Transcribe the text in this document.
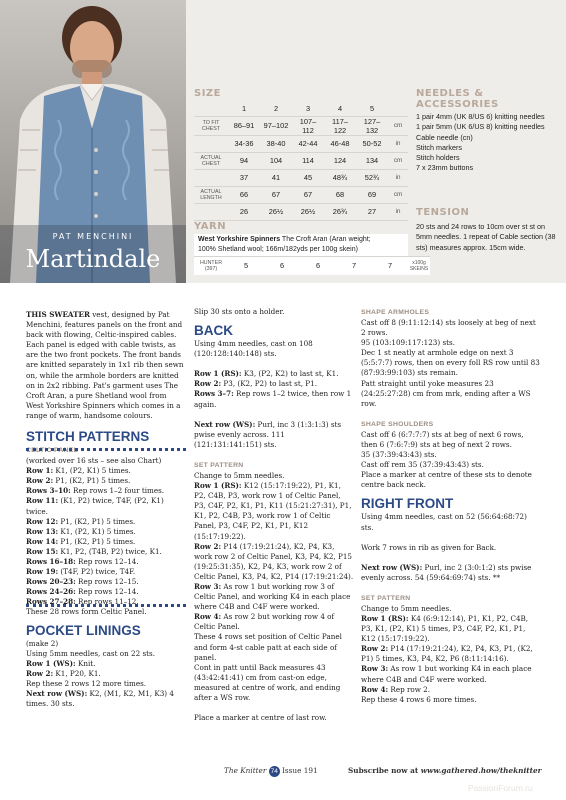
PAT MENCHINI
Martindale
SIZE
	1	2	3	4	5	
TO FIT CHEST	86–91	97–102	107–112	117–122	127–132	cm
	34-36	38-40	42-44	46-48	50-52	in
ACTUAL CHEST	94	104	114	124	134	cm
	37	41	45	48¾	52¾	in
ACTUAL LENGTH	66	67	67	68	69	cm
	26	26½	26½	26¾	27	in
YARN
West Yorkshire Spinners The Croft Aran (Aran weight;
100% Shetland wool; 166m/182yds per 100g skein)
HUNTER (397)	5	6	6	7	7	x100g SKEINS
NEEDLES & ACCESSORIES
1 pair 4mm (UK 8/US 6) knitting needles
1 pair 5mm (UK 6/US 8) knitting needles
Cable needle (cn)
Stitch markers
Stitch holders
7 x 23mm buttons
TENSION
20 sts and 24 rows to 10cm over st st on 5mm needles. 1 repeat of Cable section (38 sts) measures approx. 15cm wide.

THIS SWEATER vest, designed by Pat Menchini, features panels on the front and back with flowing, Celtic-inspired cables. Each panel is edged with cable twists, as are the two front pockets. The front bands are knitted separately in 1x1 rib then sewn on, while the armhole borders are knitted on in 2x2 ribbing. Pat's garment uses The Croft Aran, a pure Shetland wool from West Yorkshire Spinners which comes in a range of warm, handsome colours.

STITCH PATTERNS
CELTIC PANEL

(worked over 16 sts – see also Chart)

Row 1: K1, (P2, K1) 5 times.

Row 2: P1, (K2, P1) 5 times.

Rows 3–10: Rep rows 1–2 four times.

Row 11: (K1, P2) twice, T4F, (P2, K1) twice.

Row 12: P1, (K2, P1) 5 times.

Row 13: K1, (P2, K1) 5 times.

Row 14: P1, (K2, P1) 5 times.

Row 15: K1, P2, (T4B, P2) twice, K1.

Rows 16–18: Rep rows 12–14.

Row 19: (T4F, P2) twice, T4F.

Rows 20–23: Rep rows 12–15.

Rows 24–26: Rep rows 12–14.

Rows 27–28: Rep rows 11–12.

These 28 rows form Celtic Panel.

POCKET LININGS

(make 2)

Using 5mm needles, cast on 22 sts.

Row 1 (WS): Knit.

Row 2: K1, P20, K1.

Rep these 2 rows 12 more times.

Next row (WS): K2, (M1, K2, M1, K3) 4 times. 30 sts.

Slip 30 sts onto a holder.

BACK

Using 4mm needles, cast on 108 (120:128:140:148) sts.

Row 1 (RS): K3, (P2, K2) to last st, K1.

Row 2: P3, (K2, P2) to last st, P1.

Rows 3–7: Rep rows 1–2 twice, then row 1 again.

Next row (WS): Purl, inc 3 (1:3:1:3) sts pwise evenly across. 111 (121:131:141:151) sts.

SET PATTERN

Change to 5mm needles.

Row 1 (RS): K12 (15:17:19:22), P1, K1, P2, C4B, P3, work row 1 of Celtic Panel, P3, C4F, P2, K1, P1, K11 (15:21:27:31), P1, K1, P2, C4B, P3, work row 1 of Celtic Panel, P3, C4F, P2, K1, P1, K12 (15:17:19:22).

Row 2: P14 (17:19:21:24), K2, P4, K3, work row 2 of Celtic Panel, K3, P4, K2, P15 (19:25:31:35), K2, P4, K3, work row 2 of Celtic Panel, K3, P4, K2, P14 (17:19:21:24).

Row 3: As row 1 but working row 3 of Celtic Panel, and working K4 in each place where C4B and C4F were worked.

Row 4: As row 2 but working row 4 of Celtic Panel.

These 4 rows set position of Celtic Panel and form 4-st cable patt at each side of panel.

Cont in patt until Back measures 43 (43:42:41:41) cm from cast-on edge, measured at centre of work, and ending after a WS row.

Place a marker at centre of last row.

SHAPE ARMHOLES

Cast off 8 (9:11:12:14) sts loosely at beg of next 2 rows.

95 (103:109:117:123) sts.

Dec 1 st neatly at armhole edge on next 3 (5:5:7:7) rows, then on every foll RS row until 83 (87:93:99:103) sts remain.

Patt straight until yoke measures 23 (24:25:27:28) cm from mrk, ending after a WS row.

SHAPE SHOULDERS

Cast off 6 (6:7:7:7) sts at beg of next 6 rows, then 6 (7:6:7:9) sts at beg of next 2 rows.

35 (37:39:43:43) sts.

Cast off rem 35 (37:39:43:43) sts.

Place a marker at centre of these sts to denote centre back neck.

RIGHT FRONT

Using 4mm needles, cast on 52 (56:64:68:72) sts.

Work 7 rows in rib as given for Back.

Next row (WS): Purl, inc 2 (3:0:1:2) sts pwise evenly across. 54 (59:64:69:74) sts. **

SET PATTERN

Change to 5mm needles.

Row 1 (RS): K4 (6:9:12:14), P1, K1, P2, C4B, P3, K1, (P2, K1) 5 times, P3, C4F, P2, K1, P1, K12 (15:17:19:22).

Row 2: P14 (17:19:21:24), K2, P4, K3, P1, (K2, P1) 5 times, K3, P4, K2, P6 (8:11:14:16).

Row 3: As row 1 but working K4 in each place where C4B and C4F were worked.

Row 4: Rep row 2.

Rep these 4 rows 6 more times.

The Knitter 74 Issue 191	Subscribe now at www.gathered.how/theknitter
PassionForum.ru
